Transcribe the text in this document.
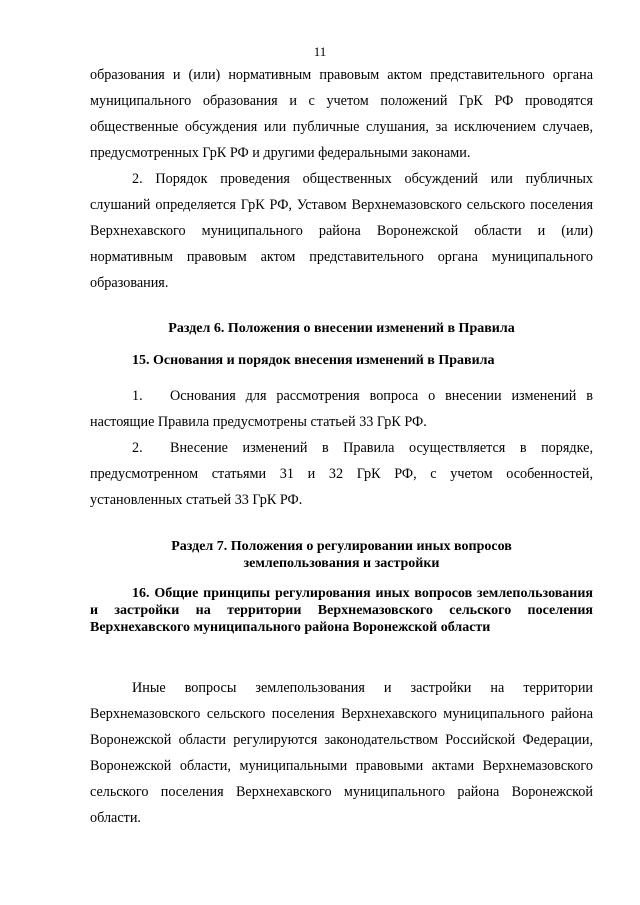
11

образования и (или) нормативным правовым актом представительного органа муниципального образования и с учетом положений ГрК РФ проводятся общественные обсуждения или публичные слушания, за исключением случаев, предусмотренных ГрК РФ и другими федеральными законами.

2. Порядок проведения общественных обсуждений или публичных слушаний определяется ГрК РФ, Уставом Верхнемазовского сельского поселения Верхнехавского муниципального района Воронежской области и (или) нормативным правовым актом представительного органа муниципального образования.

Раздел 6. Положения о внесении изменений в Правила

15. Основания и порядок внесения изменений в Правила

1. Основания для рассмотрения вопроса о внесении изменений в настоящие Правила предусмотрены статьей 33 ГрК РФ.

2. Внесение изменений в Правила осуществляется в порядке, предусмотренном статьями 31 и 32 ГрК РФ, с учетом особенностей, установленных статьей 33 ГрК РФ.

Раздел 7. Положения о регулировании иных вопросов
землепользования и застройки

16. Общие принципы регулирования иных вопросов землепользования и застройки на территории Верхнемазовского сельского поселения Верхнехавского муниципального района Воронежской области

Иные вопросы землепользования и застройки на территории Верхнемазовского сельского поселения Верхнехавского муниципального района Воронежской области регулируются законодательством Российской Федерации, Воронежской области, муниципальными правовыми актами Верхнемазовского сельского поселения Верхнехавского муниципального района Воронежской области.
